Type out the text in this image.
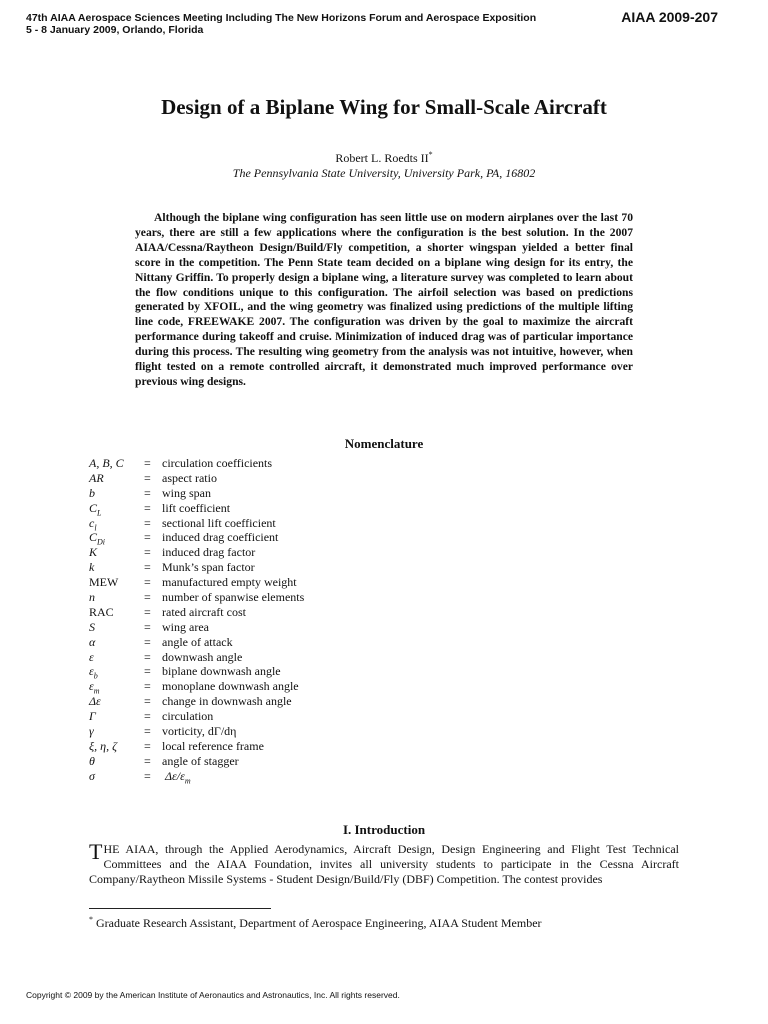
47th AIAA Aerospace Sciences Meeting Including The New Horizons Forum and Aerospace Exposition
5 - 8 January 2009, Orlando, Florida
AIAA 2009-207
Design of a Biplane Wing for Small-Scale Aircraft
Robert L. Roedts II*
The Pennsylvania State University, University Park, PA, 16802

Although the biplane wing configuration has seen little use on modern airplanes over the last 70 years, there are still a few applications where the configuration is the best solution. In the 2007 AIAA/Cessna/Raytheon Design/Build/Fly competition, a shorter wingspan yielded a better final score in the competition. The Penn State team decided on a biplane wing design for its entry, the Nittany Griffin. To properly design a biplane wing, a literature survey was completed to learn about the flow conditions unique to this configuration. The airfoil selection was based on predictions generated by XFOIL, and the wing geometry was finalized using predictions of the multiple lifting line code, FREEWAKE 2007. The configuration was driven by the goal to maximize the aircraft performance during takeoff and cruise. Minimization of induced drag was of particular importance during this process. The resulting wing geometry from the analysis was not intuitive, however, when flight tested on a remote controlled aircraft, it demonstrated much improved performance over previous wing designs.

Nomenclature
A, B, C = circulation coefficients
AR	= aspect ratio
b	= wing span
$C_L$	= lift coefficient
$c_l$	= sectional lift coefficient
$C_{Di}$	= induced drag coefficient
K	= induced drag factor
k	= Munk’s span factor
MEW = manufactured empty weight
n	= number of spanwise elements
RAC	= rated aircraft cost
S	= wing area
α	= angle of attack
ε	= downwash angle
$\varepsilon_b$	= biplane downwash angle
$\varepsilon_m$	= monoplane downwash angle
Δε	= change in downwash angle
Γ	= circulation
γ	= vorticity, dΓ/dη
ξ, η, ζ = local reference frame
θ	= angle of stagger
σ	= $\Delta\varepsilon/\varepsilon_m$
I. Introduction

THE AIAA, through the Applied Aerodynamics, Aircraft Design, Design Engineering and Flight Test Technical Committees and the AIAA Foundation, invites all university students to participate in the Cessna Aircraft Company/Raytheon Missile Systems - Student Design/Build/Fly (DBF) Competition. The contest provides

* Graduate Research Assistant, Department of Aerospace Engineering, AIAA Student Member
Copyright © 2009 by the American Institute of Aeronautics and Astronautics, Inc. All rights reserved.
